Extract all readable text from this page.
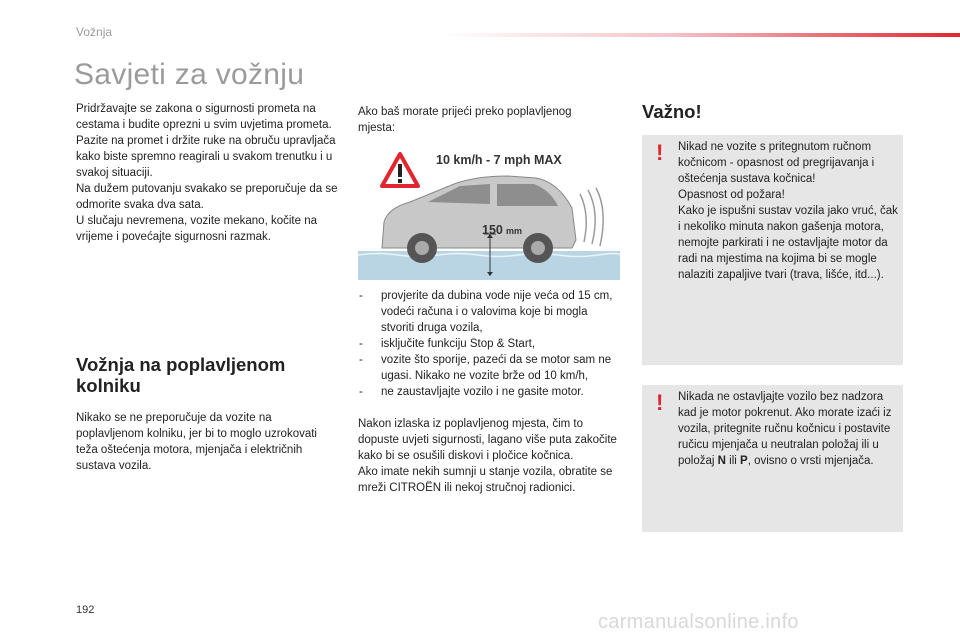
Vožnja
Savjeti za vožnju

Pridržavajte se zakona o sigurnosti prometa na cestama i budite oprezni u svim uvjetima prometa.

Pazite na promet i držite ruke na obruču upravljača kako biste spremno reagirali u svakom trenutku i u svakoj situaciji.

Na dužem putovanju svakako se preporučuje da se odmorite svaka dva sata.

U slučaju nevremena, vozite mekano, kočite na vrijeme i povećajte sigurnosni razmak.

Vožnja na poplavljenom kolniku

Nikako se ne preporučuje da vozite na poplavljenom kolniku, jer bi to moglo uzrokovati teža oštećenja motora, mjenjača i električnih sustava vozila.

Ako baš morate prijeći preko poplavljenog mjesta:

10 km/h - 7 mph MAX
150 mm
- provjerite da dubina vode nije veća od 15 cm, vodeći računa i o valovima koje bi mogla stvoriti druga vozila,
- isključite funkciju Stop & Start,
- vozite što sporije, pazeći da se motor sam ne ugasi. Nikako ne vozite brže od 10 km/h,
- ne zaustavljajte vozilo i ne gasite motor.

Nakon izlaska iz poplavljenog mjesta, čim to dopuste uvjeti sigurnosti, lagano više puta zakočite kako bi se osušili diskovi i pločice kočnica.

Ako imate nekih sumnji u stanje vozila, obratite se mreži CITROËN ili nekoj stručnoj radionici.

Važno!
! Nikad ne vozite s pritegnutom ručnom kočnicom - opasnost od pregrijavanja i oštećenja sustava kočnica!

Opasnost od požara!

Kako je ispušni sustav vozila jako vruć, čak i nekoliko minuta nakon gašenja motora, nemojte parkirati i ne ostavljajte motor da radi na mjestima na kojima bi se mogle nalaziti zapaljive tvari (trava, lišće, itd...).

! Nikada ne ostavljajte vozilo bez nadzora kad je motor pokrenut. Ako morate izaći iz vozila, pritegnite ručnu kočnicu i postavite ručicu mjenjača u neutralan položaj ili u položaj N ili P, ovisno o vrsti mjenjača.

192
carmanualsonline.info
